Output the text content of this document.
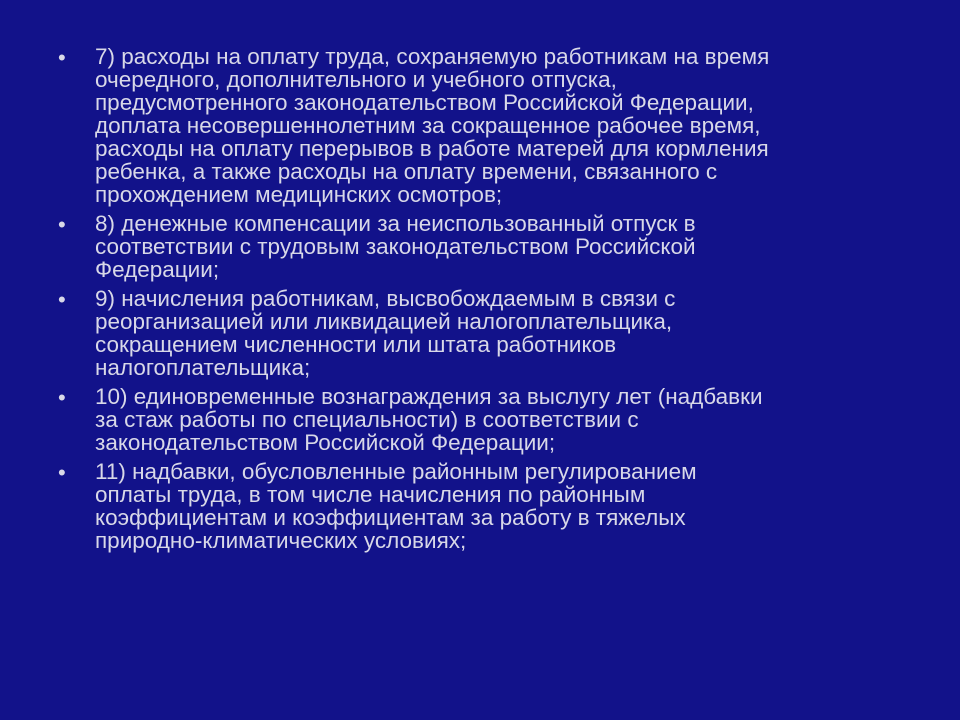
• 7) расходы на оплату труда, сохраняемую работникам на время
очередного, дополнительного и учебного отпуска,
предусмотренного законодательством Российской Федерации,
доплата несовершеннолетним за сокращенное рабочее время,
расходы на оплату перерывов в работе матерей для кормления
ребенка, а также расходы на оплату времени, связанного с
прохождением медицинских осмотров;
• 8) денежные компенсации за неиспользованный отпуск в
соответствии с трудовым законодательством Российской
Федерации;
• 9) начисления работникам, высвобождаемым в связи с
реорганизацией или ликвидацией налогоплательщика,
сокращением численности или штата работников
налогоплательщика;
• 10) единовременные вознаграждения за выслугу лет (надбавки
за стаж работы по специальности) в соответствии с
законодательством Российской Федерации;
• 11) надбавки, обусловленные районным регулированием
оплаты труда, в том числе начисления по районным
коэффициентам и коэффициентам за работу в тяжелых
природно-климатических условиях;
